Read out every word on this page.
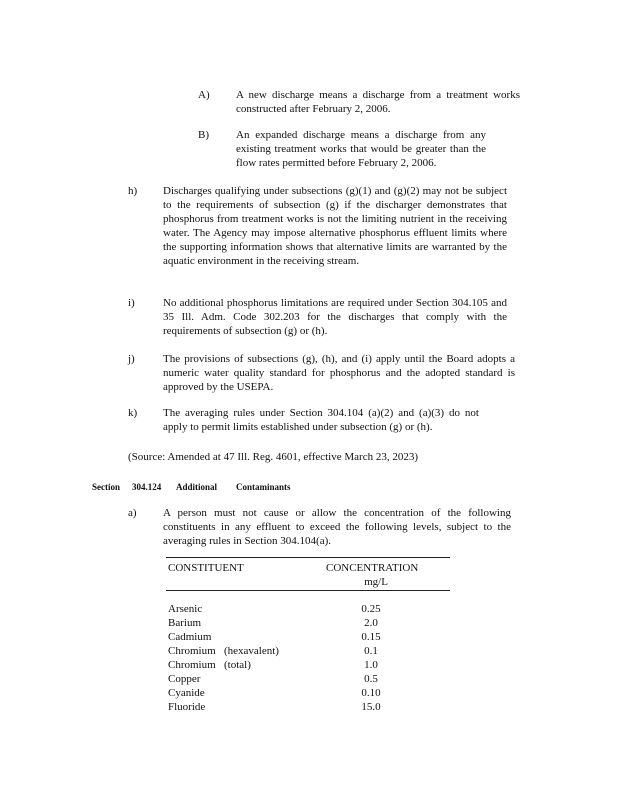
A) A new discharge means a discharge from a treatment works constructed after February 2, 2006.
B) An expanded discharge means a discharge from any existing treatment works that would be greater than the flow rates permitted before February 2, 2006.
h) Discharges qualifying under subsections (g)(1) and (g)(2) may not be subject to the requirements of subsection (g) if the discharger demonstrates that phosphorus from treatment works is not the limiting nutrient in the receiving water. The Agency may impose alternative phosphorus effluent limits where the supporting information shows that alternative limits are warranted by the aquatic environment in the receiving stream.
i)	No additional phosphorus limitations are required under Section 304.105 and 35 Ill. Adm. Code 302.203 for the discharges that comply with the requirements of subsection (g) or (h).
j)	The provisions of subsections (g), (h), and (i) apply until the Board adopts a numeric water quality standard for phosphorus and the adopted standard is approved by the USEPA.
k) The averaging rules under Section 304.104 (a)(2) and (a)(3) do not apply to permit limits established under subsection (g) or (h).
(Source: Amended at 47 Ill. Reg. 4601, effective March 23, 2023)
Section 304.124 Additional Contaminants
a) A person must not cause or allow the concentration of the following constituents in any effluent to exceed the following levels, subject to the averaging rules in Section 304.104(a).
CONSTITUENT	CONCENTRATION
mg/L
Arsenic	0.25
Barium	2.0
Cadmium	0.15
Chromium (hexavalent)	0.1
Chromium (total)	1.0
Copper	0.5
Cyanide	0.10
Fluoride	15.0
